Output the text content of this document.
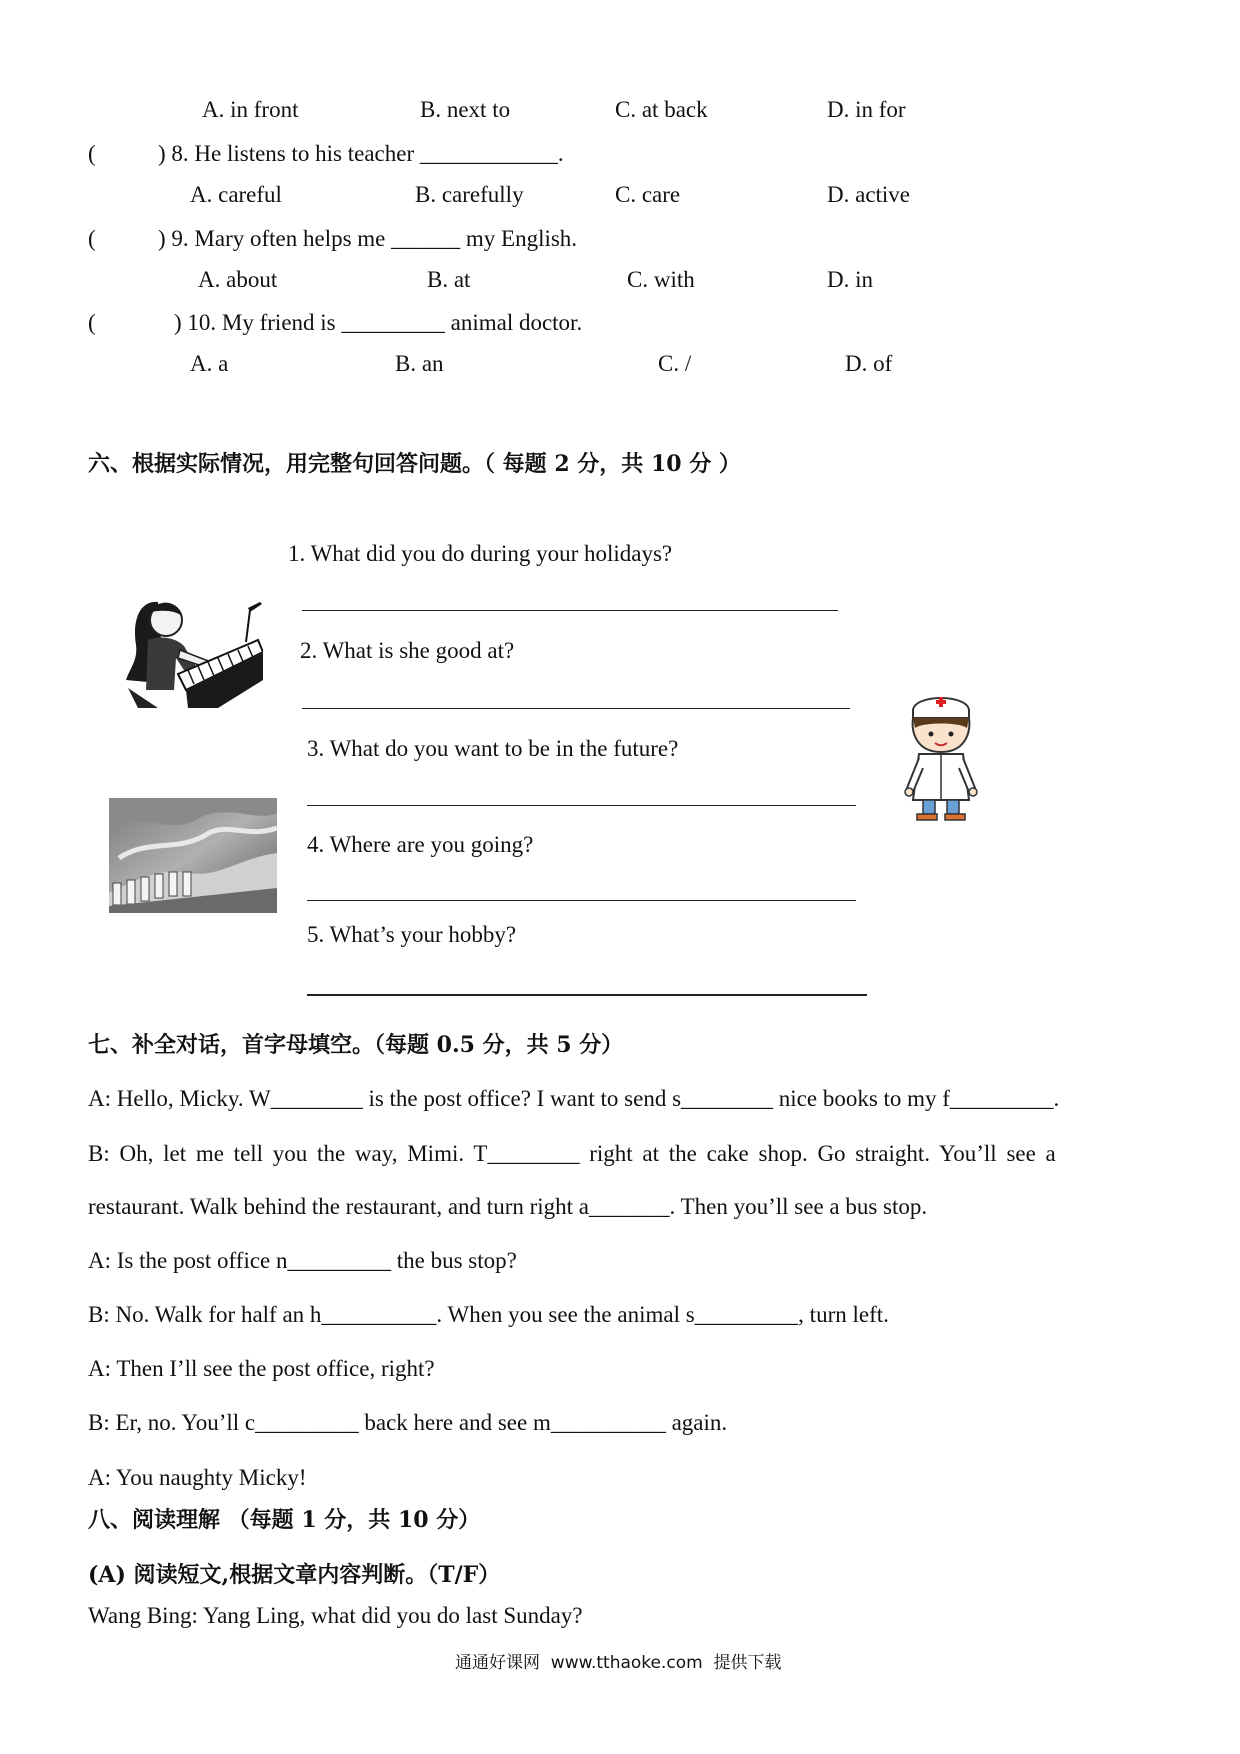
A. in front	B. next to	C. at back	D. in for
(	) 8. He listens to his teacher ____________.
A. careful	B. carefully	C. care	D. active
(	) 9. Mary often helps me ______ my English.
A. about	B. at	C. with	D. in
(	) 10. My friend is _________ animal doctor.
A. a	B. an	C. /	D. of
六、根据实际情况，用完整句回答问题。（ 每题 2 分，共 10 分 ）
1. What did you do during your holidays?
2. What is she good at?
3. What do you want to be in the future?
4. Where are you going?
5. What’s your hobby?
七、补全对话，首字母填空。（每题 0.5 分，共 5 分）
A: Hello, Micky. W________ is the post office? I want to send s________ nice books to my f_________.
B: Oh, let me tell you the way, Mimi. T________ right at the cake shop. Go straight. You’ll see a
restaurant. Walk behind the restaurant, and turn right a_______. Then you’ll see a bus stop.
A: Is the post office n_________ the bus stop?
B: No. Walk for half an h__________. When you see the animal s_________, turn left.
A: Then I’ll see the post office, right?
B: Er, no. You’ll c_________ back here and see m__________ again.
A: You naughty Micky!
八、阅读理解 （每题 1 分，共 10 分）
(A) 阅读短文,根据文章内容判断。（T/F）
Wang Bing: Yang Ling, what did you do last Sunday?
通通好课网  www.tthaoke.com  提供下载
